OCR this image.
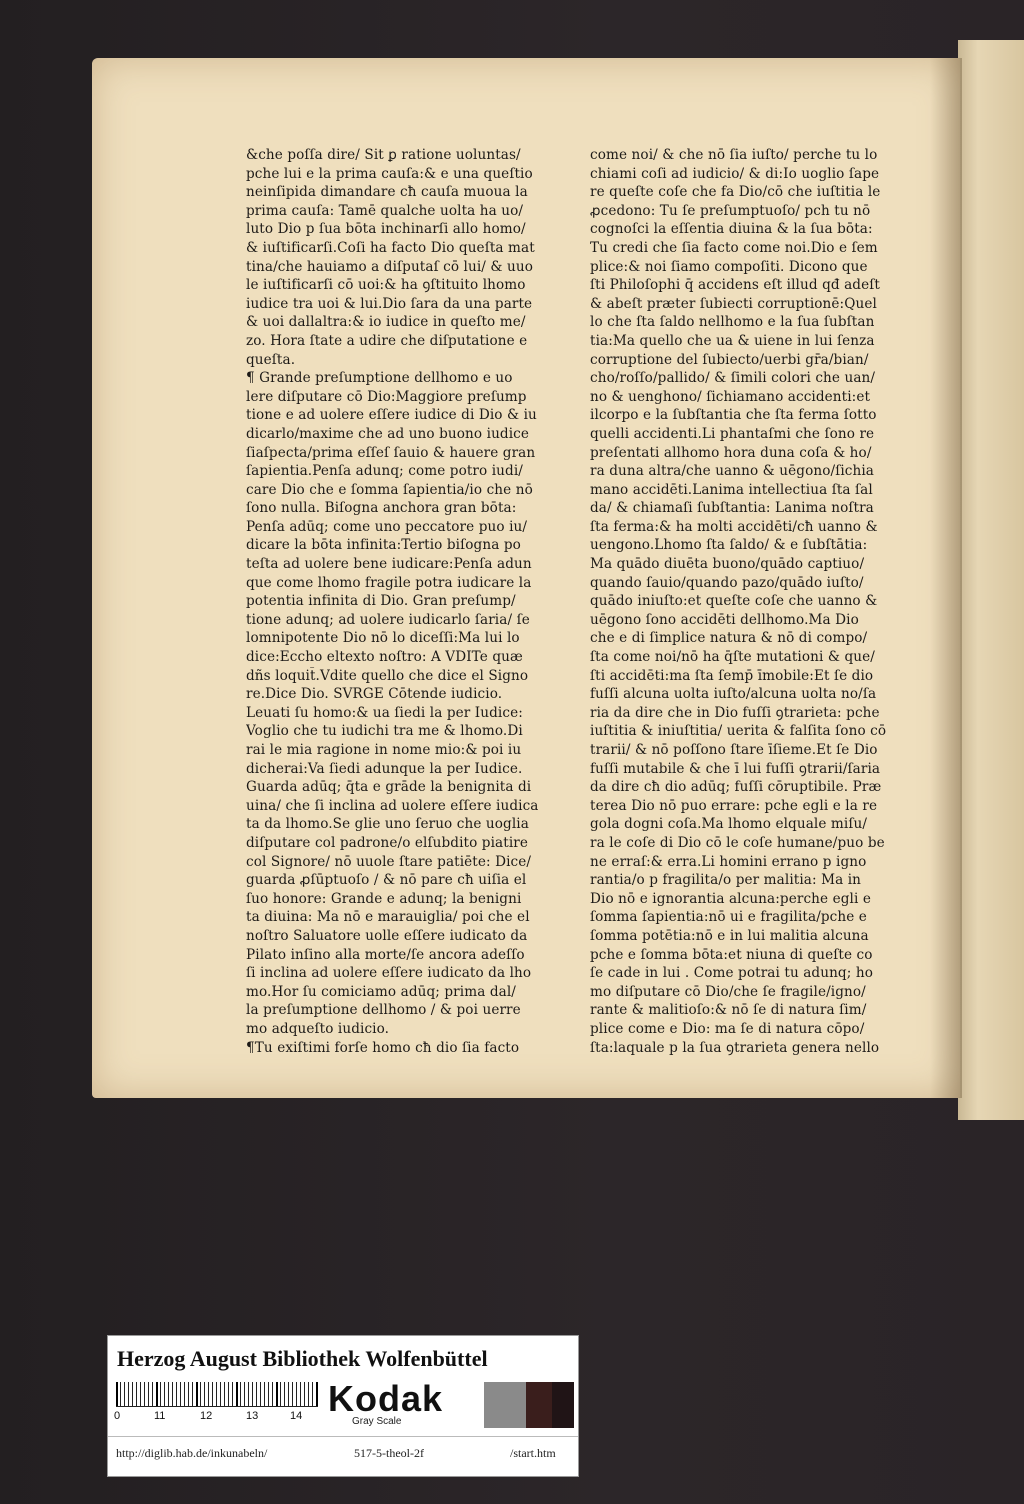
&che poſſa dire/ Sit ꝑ ratione uoluntas/

pche lui e la prima cauſa:& e una queſtio

neinſipida dimandare cħ cauſa muoua la

prima cauſa: Tamē qualche uolta ha uo/

luto Dio p ſua bōta inchinarſi allo homo/

& iuſtificarſi.Coſi ha facto Dio queſta mat

tina/che hauiamo a diſputaſ cō lui/ & uuo

le iuſtificarſi cō uoi:& ha ꝯſtituito lhomo

iudice tra uoi & lui.Dio ſara da una parte

& uoi dallaltra:& io iudice in queſto me/

zo. Hora ſtate a udire che diſputatione e

queſta.

¶ Grande preſumptione dellhomo e uo

lere diſputare cō Dio:Maggiore preſump

tione e ad uolere eſſere iudice di Dio & iu

dicarlo/maxime che ad uno buono iudice

ſiaſpecta/prima eſſeſ ſauio & hauere gran

ſapientia.Penſa adunq; come potro iudi/

care Dio che e ſomma ſapientia/io che nō

ſono nulla. Biſogna anchora gran bōta:

Penſa adūq; come uno peccatore puo iu/

dicare la bōta infinita:Tertio biſogna po

teſta ad uolere bene iudicare:Penſa adun

que come lhomo fragile potra iudicare la

potentia infinita di Dio. Gran preſump/

tione adunq; ad uolere iudicarlo ſaria/ ſe

lomnipotente Dio nō lo diceſſi:Ma lui lo

dice:Eccho eltexto noſtro: A VDITe quæ

dñs loquit̄.Vdite quello che dice el Signo

re.Dice Dio. SVRGE Cōtende iudicio.

Leuati ſu homo:& ua ſiedi la per Iudice:

Voglio che tu iudichi tra me & lhomo.Di

rai le mia ragione in nome mio:& poi iu

dicherai:Va ſiedi adunque la per Iudice.

Guarda adūq; q̄ta e grāde la benignita di

uina/ che ſi inclina ad uolere eſſere iudica

ta da lhomo.Se glie uno ſeruo che uoglia

diſputare col padrone/o elſubdito piatire

col Signore/ nō uuole ſtare patiēte: Dice/

guarda ꝓſūptuoſo / & nō pare cħ uiſia el

ſuo honore: Grande e adunq; la benigni

ta diuina: Ma nō e marauiglia/ poi che el

noſtro Saluatore uolle eſſere iudicato da

Pilato inſino alla morte/ſe ancora adeſſo

ſi inclina ad uolere eſſere iudicato da lho

mo.Hor ſu comiciamo adūq; prima dal/

la preſumptione dellhomo / & poi uerre

mo adqueſto iudicio.

¶Tu exiſtimi forſe homo cħ dio ſia facto

come noi/ & che nō ſia iuſto/ perche tu lo

chiami coſi ad iudicio/ & di:Io uoglio ſape

re queſte coſe che fa Dio/cō che iuſtitia le

ꝓcedono: Tu ſe preſumptuoſo/ pch tu nō

cognoſci la eſſentia diuina & la ſua bōta:

Tu credi che ſia facto come noi.Dio e ſem

plice:& noi ſiamo compoſiti. Dicono que

ſti Philoſophi q̄ accidens eſt illud qđ adeſt

& abeſt præter ſubiecti corruptionē:Quel

lo che ſta ſaldo nellhomo e la ſua ſubſtan

tia:Ma quello che ua & uiene in lui ſenza

corruptione del ſubiecto/uerbi gr̄a/bian/

cho/roſſo/pallido/ & ſimili colori che uan/

no & uenghono/ ſichiamano accidenti:et

ilcorpo e la ſubſtantia che ſta ferma ſotto

quelli accidenti.Li phantaſmi che ſono re

preſentati allhomo hora duna coſa & ho/

ra duna altra/che uanno & uēgono/ſichia

mano accidēti.Lanima intellectiua ſta ſal

da/ & chiamaſi ſubſtantia: Lanima noſtra

ſta ferma:& ha molti accidēti/cħ uanno &

uengono.Lhomo ſta ſaldo/ & e ſubſtātia:

Ma quādo diuēta buono/quādo captiuo/

quando ſauio/quando pazo/quādo iuſto/

quādo iniuſto:et queſte coſe che uanno &

uēgono ſono accidēti dellhomo.Ma Dio

che e di ſimplice natura & nō di compo/

ſta come noi/nō ha q̄ſte mutationi & que/

ſti accidēti:ma ſta ſemp̄ īmobile:Et ſe dio

fuſſi alcuna uolta iuſto/alcuna uolta no/ſa

ria da dire che in Dio fuſſi ꝯtrarieta: pche

iuſtitia & iniuſtitia/ uerita & falſita ſono cō

trarii/ & nō poſſono ſtare īſieme.Et ſe Dio

fuſſi mutabile & che ī lui fuſſi ꝯtrarii/ſaria

da dire cħ dio adūq; fuſſi cōruptibile. Præ

terea Dio nō puo errare: pche egli e la re

gola dogni coſa.Ma lhomo elquale miſu/

ra le coſe di Dio cō le coſe humane/puo be

ne erraſ:& erra.Li homini errano p igno

rantia/o p fragilita/o per malitia: Ma in

Dio nō e ignorantia alcuna:perche egli e

ſomma ſapientia:nō ui e fragilita/pche e

ſomma potētia:nō e in lui malitia alcuna

pche e ſomma bōta:et niuna di queſte co

ſe cade in lui . Come potrai tu adunq; ho

mo diſputare cō Dio/che ſe fragile/igno/

rante & malitioſo:& nō ſe di natura ſim/

plice come e Dio: ma ſe di natura cōpo/

ſta:laquale p la ſua ꝯtrarieta genera nello

Herzog August Bibliothek Wolfenbüttel
0	11	12	13	14 Kodak
Gray Scale
http://diglib.hab.de/inkunabeln/	517-5-theol-2f	/start.htm
